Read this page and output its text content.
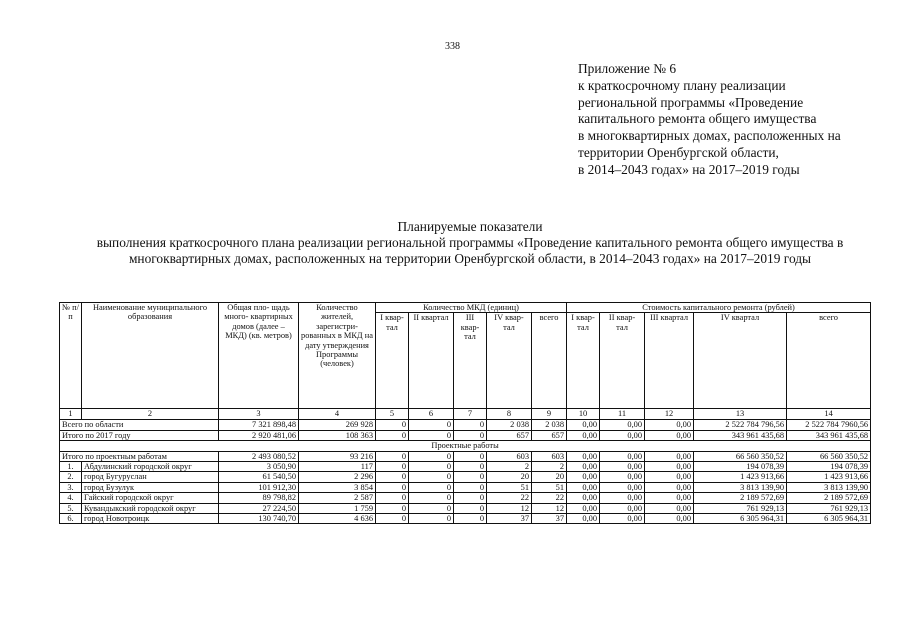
338
Приложение № 6
к краткосрочному плану реализации
региональной программы «Проведение
капитального ремонта общего имущества
в многоквартирных домах, расположенных на
территории Оренбургской области,
в 2014–2043 годах» на 2017–2019 годы
Планируемые показатели
выполнения краткосрочного плана реализации региональной программы «Проведение капитального ремонта общего имущества в
многоквартирных домах, расположенных на территории Оренбургской области, в 2014–2043 годах» на 2017–2019 годы
№ п/п	Наименование муниципального образования	Общая пло- щадь много- квартирных домов (далее – МКД) (кв. метров)	Количество жителей, зарегистри- рованных в МКД на дату утверждения Программы (человек)	Количество МКД (единиц)					Стоимость капитального ремонта (рублей)				
				I квар- тал	II квартал	III квар- тал	IV квар- тал	всего	I квар- тал	II квар- тал	III квартал	IV квартал	всего
1	2	3	4	5	6	7	8	9	10	11	12	13	14
Всего по области		7 321 898,48	269 928	0	0	0	2 038	2 038	0,00	0,00	0,00	2 522 784 796,56	2 522 784 7960,56
Итого по 2017 году		2 920 481,06	108 363	0	0	0	657	657	0,00	0,00	0,00	343 961 435,68	343 961 435,68
Проектные работы													
Итого по проектным работам		2 493 080,52	93 216	0	0	0	603	603	0,00	0,00	0,00	66 560 350,52	66 560 350,52
1.	Абдулинский городской округ	3 050,90	117	0	0	0	2	2	0,00	0,00	0,00	194 078,39	194 078,39
2.	город Бугуруслан	61 540,50	2 296	0	0	0	20	20	0,00	0,00	0,00	1 423 913,66	1 423 913,66
3.	город Бузулук	101 912,30	3 854	0	0	0	51	51	0,00	0,00	0,00	3 813 139,90	3 813 139,90
4.	Гайский городской округ	89 798,82	2 587	0	0	0	22	22	0,00	0,00	0,00	2 189 572,69	2 189 572,69
5.	Кувандыкский городской округ	27 224,50	1 759	0	0	0	12	12	0,00	0,00	0,00	761 929,13	761 929,13
6.	город Новотроицк	130 740,70	4 636	0	0	0	37	37	0,00	0,00	0,00	6 305 964,31	6 305 964,31
